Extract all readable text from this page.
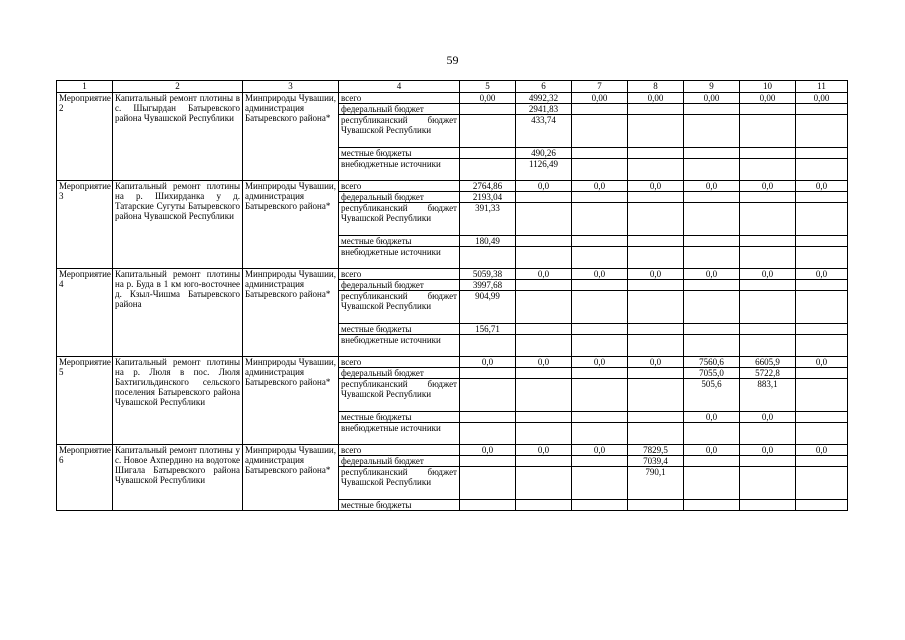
59
1	2	3	4	5	6	7	8	9	10	11
Мероприятие 2	Капитальный ремонт плотины в с. Шыгырдан Батыревского района Чувашской Республики	Минприроды Чувашии, администрация Батыревского района*	всего	0,00	4992,32	0,00	0,00	0,00	0,00	0,00
			федеральный бюджет		2941,83					
			республиканский бюджет Чувашской Республики		433,74					
			местные бюджеты		490,26					
			внебюджетные источники		1126,49					
Мероприятие 3	Капитальный ремонт плотины на р. Шихирданка у д. Татарские Сугуты Батыревского района Чувашской Республики	Минприроды Чувашии, администрация Батыревского района*	всего	2764,86	0,0	0,0	0,0	0,0	0,0	0,0
			федеральный бюджет	2193,04						
			республиканский бюджет Чувашской Республики	391,33						
			местные бюджеты	180,49						
			внебюджетные источники							
Мероприятие 4	Капитальный ремонт плотины на р. Буда в 1 км юго-восточнее д. Кзыл-Чишма Батыревского района	Минприроды Чувашии, администрация Батыревского района*	всего	5059,38	0,0	0,0	0,0	0,0	0,0	0,0
			федеральный бюджет	3997,68						
			республиканский бюджет Чувашской Республики	904,99						
			местные бюджеты	156,71						
			внебюджетные источники							
Мероприятие 5	Капитальный ремонт плотины на р. Люля в пос. Люля Бахтигильдинского сельского поселения Батыревского района Чувашской Республики	Минприроды Чувашии, администрация Батыревского района*	всего	0,0	0,0	0,0	0,0	7560,6	6605,9	0,0
			федеральный бюджет					7055,0	5722,8	
			республиканский бюджет Чувашской Республики					505,6	883,1	
			местные бюджеты					0,0	0,0	
			внебюджетные источники							
Мероприятие 6	Капитальный ремонт плотины у с. Новое Ахпердино на водотоке Шигала Батыревского района Чувашской Республики	Минприроды Чувашии, администрация Батыревского района*	всего	0,0	0,0	0,0	7829,5	0,0	0,0	0,0
			федеральный бюджет				7039,4			
			республиканский бюджет Чувашской Республики				790,1			
			местные бюджеты							
